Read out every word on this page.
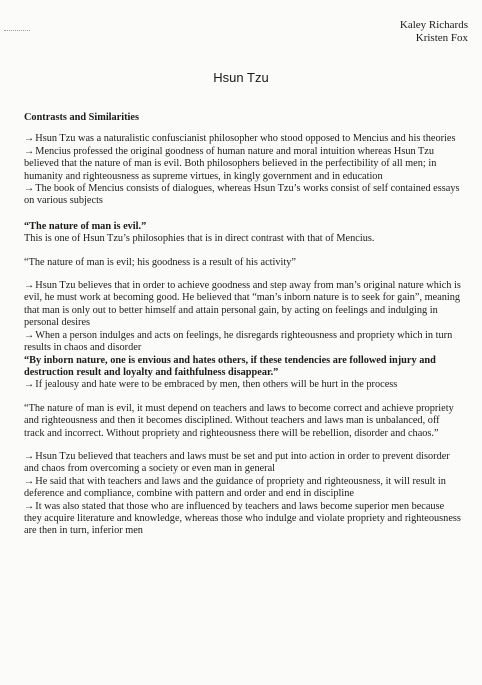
Kaley Richards
Kristen Fox
Hsun Tzu
Contrasts and Similarities

→Hsun Tzu was a naturalistic confuscianist philosopher who stood opposed to Mencius and his theories

→Mencius professed the original goodness of human nature and moral intuition whereas Hsun Tzu believed that the nature of man is evil. Both philosophers believed in the perfectibility of all men; in humanity and righteousness as supreme virtues, in kingly government and in education

→The book of Mencius consists of dialogues, whereas Hsun Tzu’s works consist of self contained essays on various subjects

“The nature of man is evil.”

This is one of Hsun Tzu’s philosophies that is in direct contrast with that of Mencius.

“The nature of man is evil; his goodness is a result of his activity”

→Hsun Tzu believes that in order to achieve goodness and step away from man’s original nature which is evil, he must work at becoming good. He believed that “man’s inborn nature is to seek for gain”, meaning that man is only out to better himself and attain personal gain, by acting on feelings and indulging in personal desires

→When a person indulges and acts on feelings, he disregards righteousness and propriety which in turn results in chaos and disorder

“By inborn nature, one is envious and hates others, if these tendencies are followed injury and destruction result and loyalty and faithfulness disappear.”

→If jealousy and hate were to be embraced by men, then others will be hurt in the process

“The nature of man is evil, it must depend on teachers and laws to become correct and achieve propriety and righteousness and then it becomes disciplined. Without teachers and laws man is unbalanced, off track and incorrect. Without propriety and righteousness there will be rebellion, disorder and chaos.”

→Hsun Tzu believed that teachers and laws must be set and put into action in order to prevent disorder and chaos from overcoming a society or even man in general

→He said that with teachers and laws and the guidance of propriety and righteousness, it will result in deference and compliance, combine with pattern and order and end in discipline

→It was also stated that those who are influenced by teachers and laws become superior men because they acquire literature and knowledge, whereas those who indulge and violate propriety and righteousness are then in turn, inferior men
